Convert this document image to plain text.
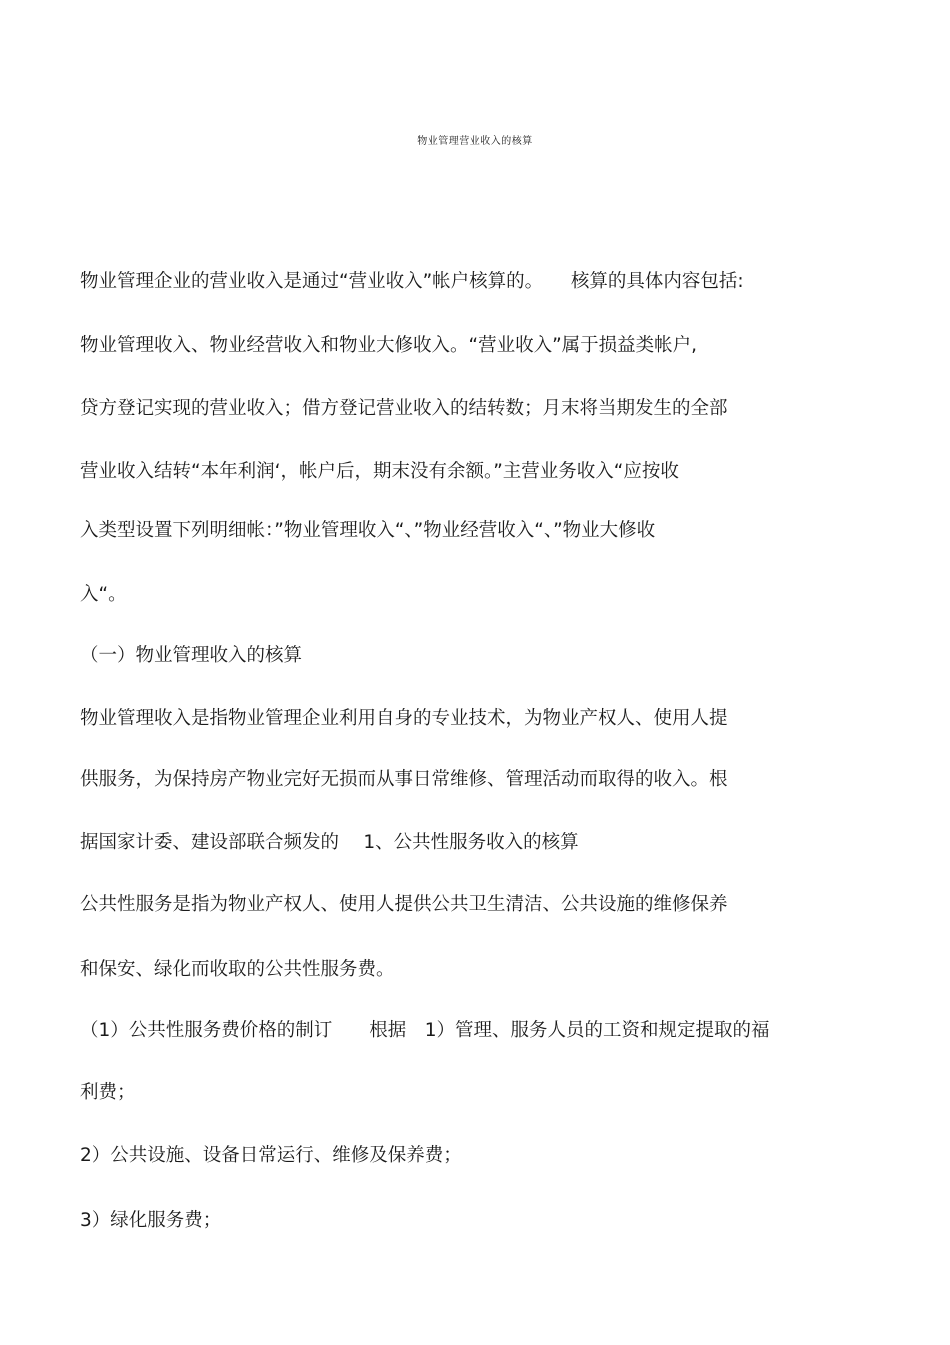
物业管理营业收入的核算
物业管理企业的营业收入是通过“营业收入”帐户核算的。　　核算的具体内容包括:
物业管理收入、物业经营收入和物业大修收入。“营业收入”属于损益类帐户,
贷方登记实现的营业收入；借方登记营业收入的结转数；月末将当期发生的全部
营业收入结转“本年利润‘，帐户后，期末没有余额。”主营业务收入“应按收
入类型设置下列明细帐：”物业管理收入“、”物业经营收入“、”物业大修收
入“。
（一）物业管理收入的核算
物业管理收入是指物业管理企业利用自身的专业技术，为物业产权人、使用人提
供服务，为保持房产物业完好无损而从事日常维修、管理活动而取得的收入。根
据国家计委、建设部联合频发的　 1、公共性服务收入的核算
公共性服务是指为物业产权人、使用人提供公共卫生清洁、公共设施的维修保养
和保安、绿化而收取的公共性服务费。
（1）公共性服务费价格的制订　　根据　1）管理、服务人员的工资和规定提取的福
利费；
2）公共设施、设备日常运行、维修及保养费；
3）绿化服务费；
